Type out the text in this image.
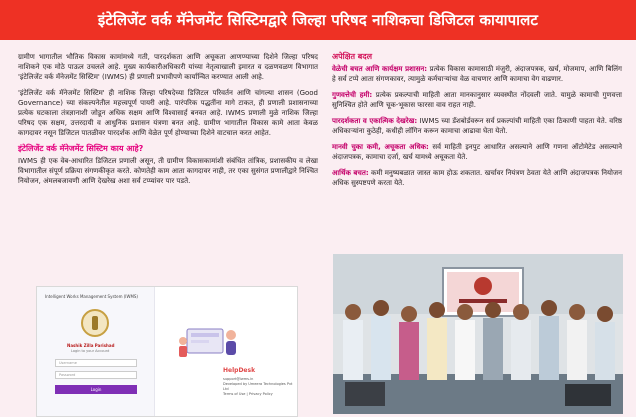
इंटेलिजेंट वर्क मॅनेजमेंट सिस्टिमद्वारे जिल्हा परिषद नाशिकचा डिजिटल कायापालट

ग्रामीण भागातील भौतिक विकास कामांमध्ये गती, पारदर्शकता आणि अचूकता आणण्याच्या दिशेने जिल्हा परिषद नाशिकने एक मोठे पाऊल उचलले आहे. मुख्य कार्यकारीअधिकारी यांच्या नेतृत्वाखाली इमारत व दळणवळण विभागात 'इंटेलिजेंट वर्क मॅनेजमेंट सिस्टिम' (IWMS) ही प्रणाली प्रभावीपणे कार्यान्वित करण्यात आली आहे.

'इंटेलिजेंट वर्क मॅनेजमेंट सिस्टिम' ही नाशिक जिल्हा परिषदेच्या डिजिटल परिवर्तन आणि चांगल्या शासन (Good Governance) च्या संकल्पनेतील महत्त्वपूर्ण पायरी आहे. पारंपरिक पद्धतींना मागे टाकत, ही प्रणाली प्रशासनाच्या प्रत्येक घटकाला तंत्रज्ञानाशी जोडून अधिक सक्षम आणि विश्वासार्ह बनवत आहे. IWMS प्रणाली मुळे नाशिक जिल्हा परिषद एक सक्षम, उत्तरदायी व आधुनिक प्रशासन यंत्रणा बनत आहे. ग्रामीण भागातील विकास कामे आता केवळ कागदावर नसून डिजिटल पातळीवर पारदर्शक आणि वेळेत पूर्ण होण्याच्या दिशेने वाटचाल करत आहेत.

इंटेलिजेंट वर्क मॅनेजमेंट सिस्टिम काय आहे?

IWMS ही एक वेब-आधारित डिजिटल प्रणाली असून, ती ग्रामीण विकासकामांशी संबंधित तांत्रिक, प्रशासकीय व लेखा विभागातील संपूर्ण प्रक्रिया संगणकीकृत करते. कोणतेही काम आता कागदावर नाही, तर एका सुसंगत प्रणालीद्वारे निश्चित नियोजन, अंमलबजावणी आणि देखरेख अशा सर्व टप्प्यांवर पार पडते.

Intelligent Works Management System (IWMS)
Nashik Zilla Parishad
Login to your Account
Username
Password
Login
HelpDesk
support@iwms.in
Developed by Umeera Technologies Pvt Ltd
Terms of Use | Privacy Policy
अपेक्षित बदल

वेळेची बचत आणि कार्यक्षम प्रशासन: प्रत्येक विकास कामासाठी मंजुरी, अंदाजपत्रक, खर्च, मोजमाप, आणि बिलिंग हे सर्व टप्पे आता संगणकावर, त्यामुळे कर्मचाऱ्यांचा वेळ वाचणार आणि कामाचा वेग वाढणार.

गुणवत्तेची हमी: प्रत्येक प्रकल्पाची माहिती आता मानकानुसार व्यवस्थीत नोंदवली जाते. यामुळे कामाची गुणवत्ता सुनिश्चित होते आणि चूक-भूकास फारसा वाव राहत नाही.

पारदर्शकता व एकात्मिक देखरेख: IWMS च्या डॅशबोर्डवरून सर्व प्रकल्पांची माहिती एका ठिकाणी पाहता येते. वरिष्ठ अधिकाऱ्यांना कुठेही, कधीही लॉगिन करून कामाचा आढावा घेता येतो.

मानवी चुका कमी, अचूकता अधिक: सर्व माहिती इनपुट आधारित असल्याने आणि गणना ऑटोमेटेड असल्याने अंदाजपत्रक, कामाचा दर्जा, खर्च यामध्ये अचूकता येते.

आर्थिक बचत: कमी मनुष्यबळात जास्त काम होऊ शकतात. खर्चावर नियंत्रण ठेवता येते आणि अंदाजपत्रक नियोजन अधिक सुस्पष्टपणे करता येते.
